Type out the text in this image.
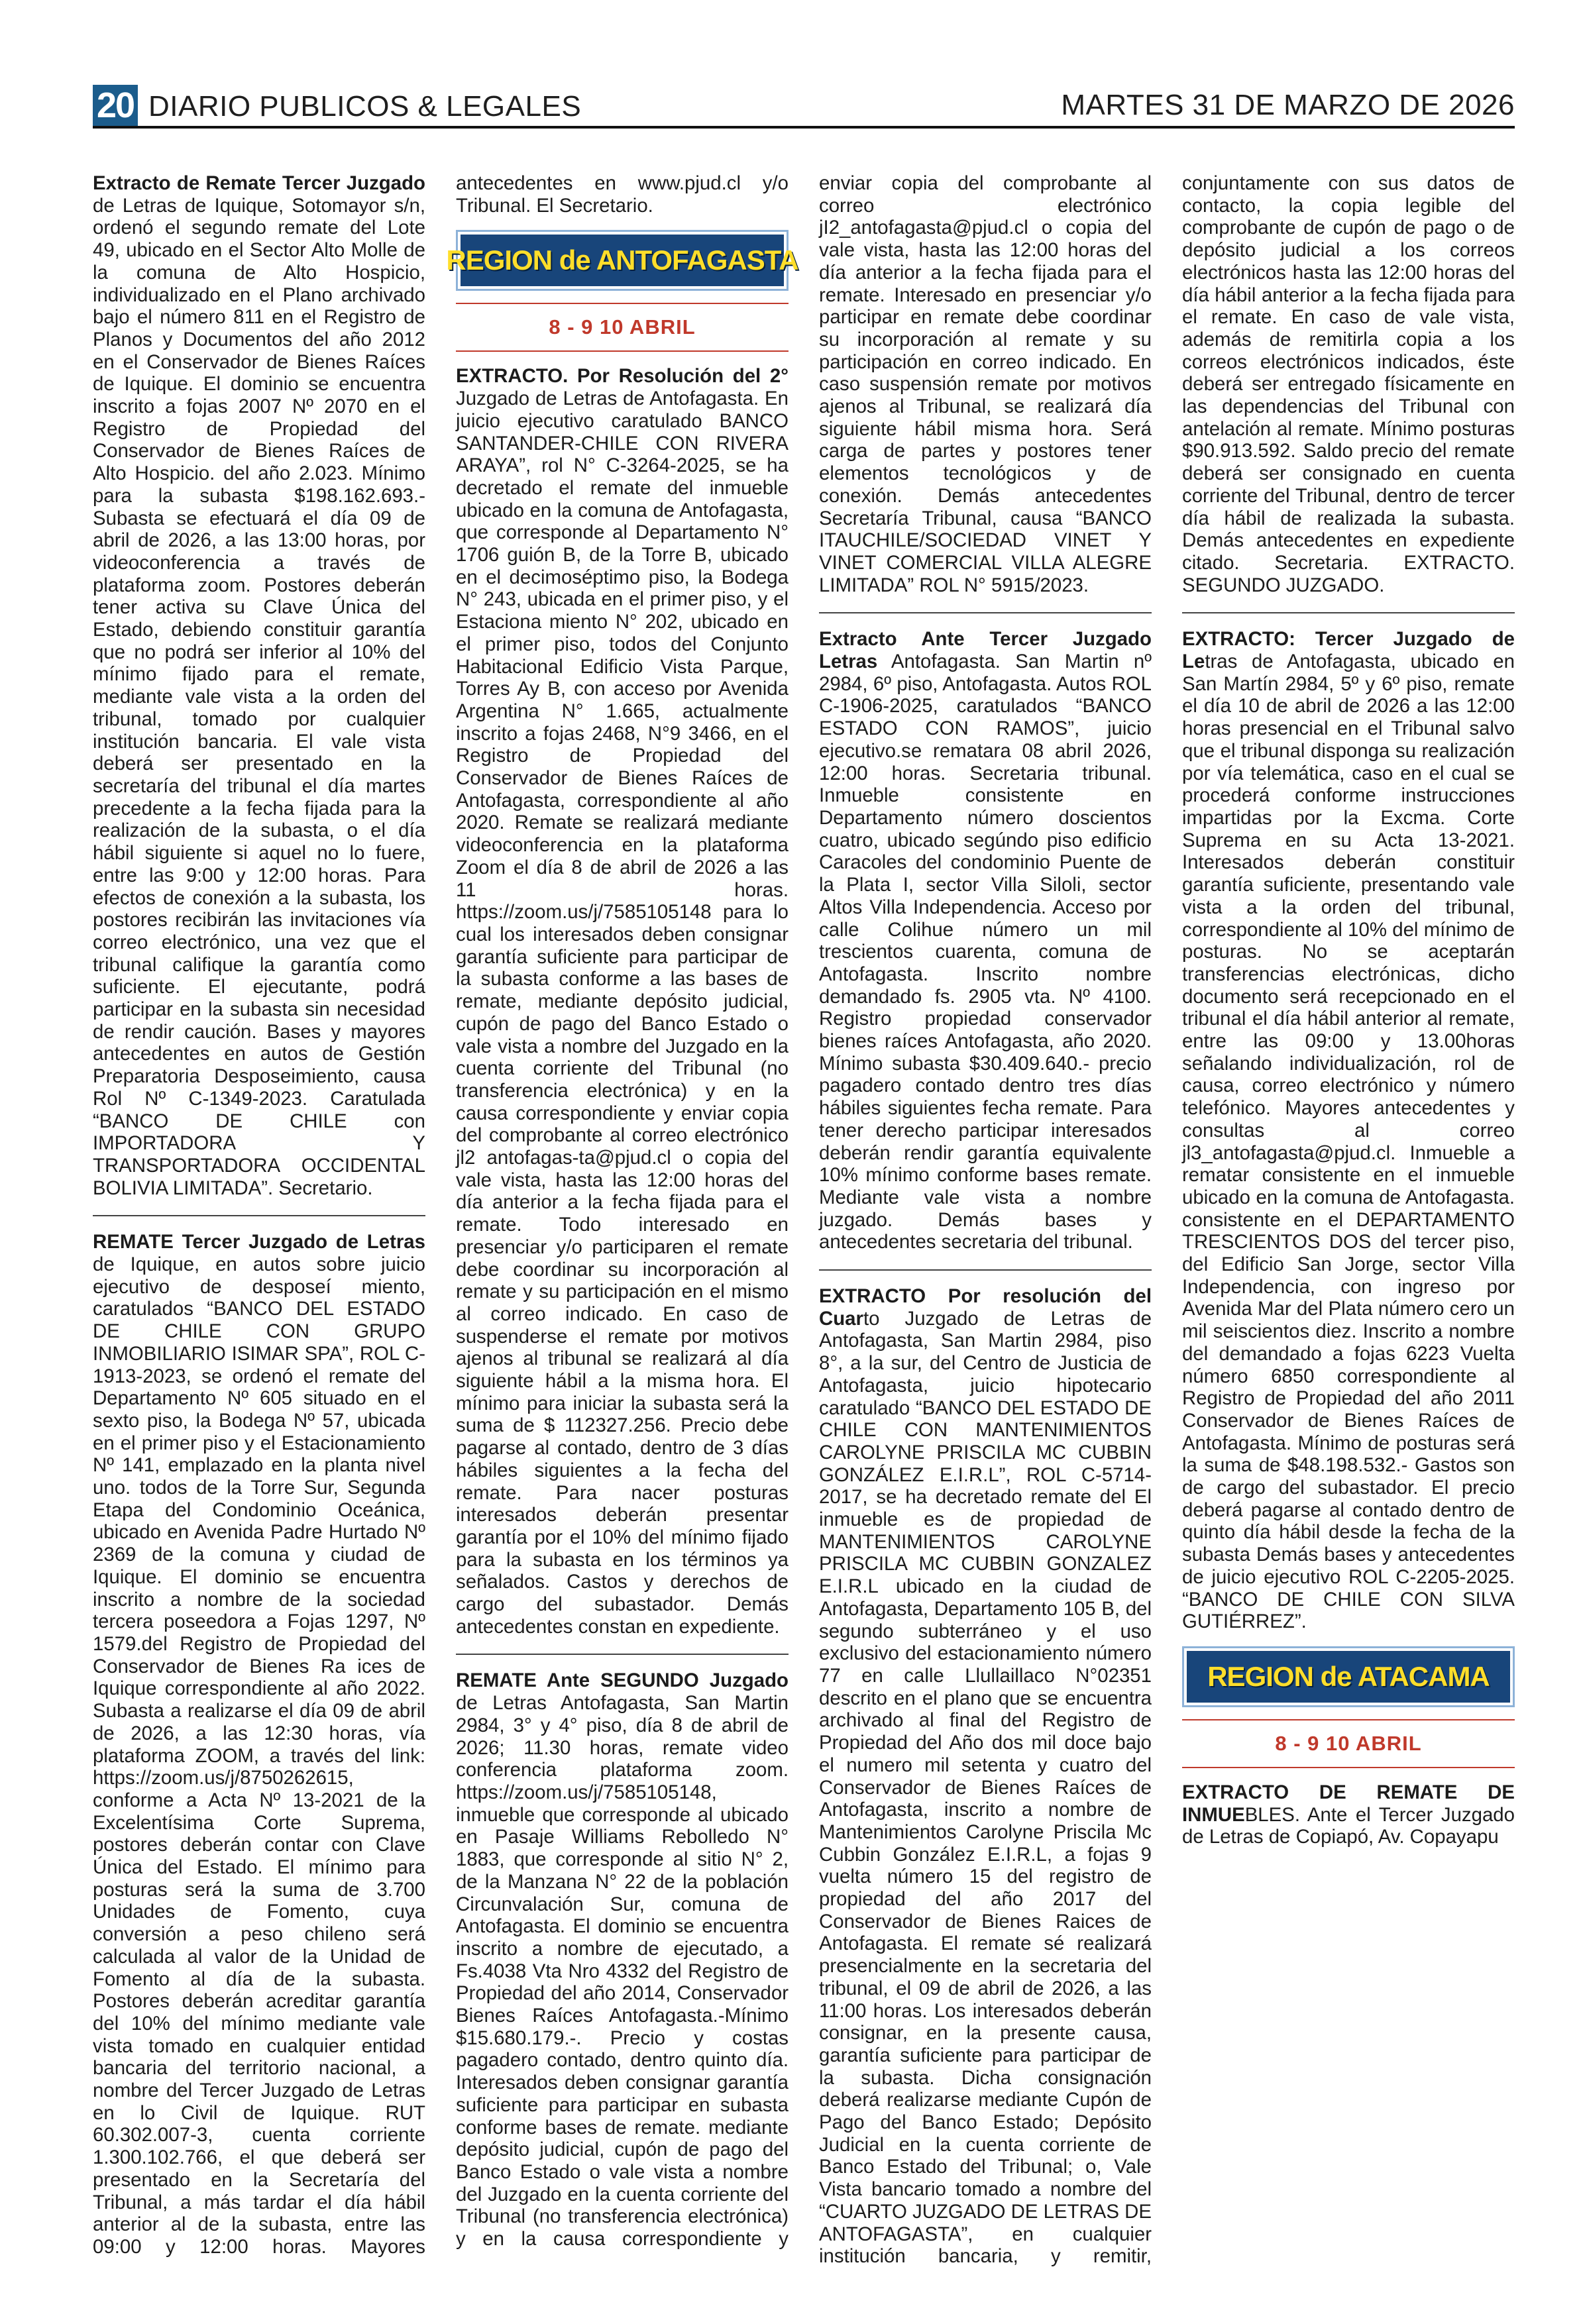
20 DIARIO PUBLICOS & LEGALES	MARTES 31 DE MARZO DE 2026

Extracto de Remate Tercer Juzgado de Letras de Iquique, Sotomayor s/n, ordenó el segundo remate del Lote 49, ubicado en el Sector Alto Molle de la comuna de Alto Hospicio, individualizado en el Plano archivado bajo el número 811 en el Registro de Planos y Documentos del año 2012 en el Conservador de Bienes Raíces de Iquique. El dominio se encuentra inscrito a fojas 2007 Nº 2070 en el Registro de Propiedad del Conservador de Bienes Raíces de Alto Hospicio. del año 2.023. Mínimo para la subasta $198.162.693.-Subasta se efectuará el día 09 de abril de 2026, a las 13:00 horas, por videoconferencia a través de plataforma zoom. Postores deberán tener activa su Clave Única del Estado, debiendo constituir garantía que no podrá ser inferior al 10% del mínimo fijado para el remate, mediante vale vista a la orden del tribunal, tomado por cualquier institución bancaria. El vale vista deberá ser presentado en la secretaría del tribunal el día martes precedente a la fecha fijada para la realización de la subasta, o el día hábil siguiente si aquel no lo fuere, entre las 9:00 y 12:00 horas. Para efectos de conexión a la subasta, los postores recibirán las invitaciones vía correo electrónico, una vez que el tribunal califique la garantía como suficiente. El ejecutante, podrá participar en la subasta sin necesidad de rendir caución. Bases y mayores antecedentes en autos de Gestión Preparatoria Desposeimiento, causa Rol Nº C-1349-2023. Caratulada “BANCO DE CHILE con IMPORTADORA Y TRANSPORTADORA OCCIDENTAL BOLIVIA LIMITADA”. Secretario.

REMATE Tercer Juzgado de Letras de Iquique, en autos sobre juicio ejecutivo de desposeí miento, caratulados “BANCO DEL ESTADO DE CHILE CON GRUPO INMOBILIARIO ISIMAR SPA”, ROL C-1913-2023, se ordenó el remate del Departamento Nº 605 situado en el sexto piso, la Bodega Nº 57, ubicada en el primer piso y el Estacionamiento Nº 141, emplazado en la planta nivel uno. todos de la Torre Sur, Segunda Etapa del Condominio Oceánica, ubicado en Avenida Padre Hurtado Nº 2369 de la comuna y ciudad de Iquique. El dominio se encuentra inscrito a nombre de la sociedad tercera poseedora a Fojas 1297, Nº 1579.del Registro de Propiedad del Conservador de Bienes Ra ices de Iquique correspondiente al año 2022. Subasta a realizarse el día 09 de abril de 2026, a las 12:30 horas, vía plataforma ZOOM, a través del link: https://zoom.us/j/8750262615, conforme a Acta Nº 13-2021 de la Excelentísima Corte Suprema, postores deberán contar con Clave Única del Estado. El mínimo para posturas será la suma de 3.700 Unidades de Fomento, cuya conversión a peso chileno será calculada al valor de la Unidad de Fomento al día de la subasta. Postores deberán acreditar garantía del 10% del mínimo mediante vale vista tomado en cualquier entidad bancaria del territorio nacional, a nombre del Tercer Juzgado de Letras en lo Civil de Iquique. RUT 60.302.007-3, cuenta corriente 1.300.102.766, el que deberá ser presentado en la Secretaría del Tribunal, a más tardar el día hábil anterior al de la subasta, entre las 09:00 y 12:00 horas. Mayores antecedentes en www.pjud.cl y/o Tribunal. El Secretario.

REGION de ANTOFAGASTA
8 - 9 10 ABRIL

EXTRACTO. Por Resolución del 2° Juzgado de Letras de Antofagasta. En juicio ejecutivo caratulado BANCO SANTANDER-CHILE CON RIVERA ARAYA”, rol N° C-3264-2025, se ha decretado el remate del inmueble ubicado en la comuna de Antofagasta, que corresponde al Departamento N° 1706 guión B, de la Torre B, ubicado en el decimoséptimo piso, la Bodega N° 243, ubicada en el primer piso, y el Estaciona miento N° 202, ubicado en el primer piso, todos del Conjunto Habitacional Edificio Vista Parque, Torres Ay B, con acceso por Avenida Argentina N° 1.665, actualmente inscrito a fojas 2468, N°9 3466, en el Registro de Propiedad del Conservador de Bienes Raíces de Antofagasta, correspondiente al año 2020. Remate se realizará mediante videoconferencia en la plataforma Zoom el día 8 de abril de 2026 a las 11 horas. https://zoom.us/j/7585105148 para lo cual los interesados deben consignar garantía suficiente para participar de la subasta conforme a las bases de remate, mediante depósito judicial, cupón de pago del Banco Estado o vale vista a nombre del Juzgado en la cuenta corriente del Tribunal (no transferencia electrónica) y en la causa correspondiente y enviar copia del comprobante al correo electrónico jl2 antofagas-ta@pjud.cl o copia del vale vista, hasta las 12:00 horas del día anterior a la fecha fijada para el remate. Todo interesado en presenciar y/o participaren el remate debe coordinar su incorporación al remate y su participación en el mismo al correo indicado. En caso de suspenderse el remate por motivos ajenos al tribunal se realizará al día siguiente hábil a la misma hora. El mínimo para iniciar la subasta será la suma de $ 112327.256. Precio debe pagarse al contado, dentro de 3 días hábiles siguientes a la fecha del remate. Para nacer posturas interesados deberán presentar garantía por el 10% del mínimo fijado para la subasta en los términos ya señalados. Castos y derechos de cargo del subastador. Demás antecedentes constan en expediente.

REMATE Ante SEGUNDO Juzgado de Letras Antofagasta, San Martin 2984, 3° y 4° piso, día 8 de abril de 2026; 11.30 horas, remate video conferencia plataforma zoom. https://zoom.us/j/7585105148, inmueble que corresponde al ubicado en Pasaje Williams Rebolledo N° 1883, que corresponde al sitio N° 2, de la Manzana N° 22 de la población Circunvalación Sur, comuna de Antofagasta. El dominio se encuentra inscrito a nombre de ejecutado, a Fs.4038 Vta Nro 4332 del Registro de Propiedad del año 2014, Conservador Bienes Raíces Antofagasta.-Mínimo $15.680.179.-. Precio y costas pagadero contado, dentro quinto día. Interesados deben consignar garantía suficiente para participar en subasta conforme bases de remate. mediante depósito judicial, cupón de pago del Banco Estado o vale vista a nombre del Juzgado en la cuenta corriente del Tribunal (no transferencia electrónica) y en la causa correspondiente y enviar copia del comprobante al correo electrónico jI2_antofagasta@pjud.cl o copia del vale vista, hasta las 12:00 horas del día anterior a la fecha fijada para el remate. Interesado en presenciar y/o participar en remate debe coordinar su incorporación aI remate y su participación en correo indicado. En caso suspensión remate por motivos ajenos al Tribunal, se realizará día siguiente hábil misma hora. Será carga de partes y postores tener elementos tecnológicos y de conexión. Demás antecedentes Secretaría Tribunal, causa “BANCO ITAUCHILE/SOCIEDAD VINET Y VINET COMERCIAL VILLA ALEGRE LIMITADA” ROL N° 5915/2023.

Extracto Ante Tercer Juzgado Letras Antofagasta. San Martin nº 2984, 6º piso, Antofagasta. Autos ROL C-1906-2025, caratulados “BANCO ESTADO CON RAMOS”, juicio ejecutivo.se rematara 08 abril 2026, 12:00 horas. Secretaria tribunal. Inmueble consistente en Departamento número doscientos cuatro, ubicado segúndo piso edificio Caracoles del condominio Puente de la Plata I, sector Villa Siloli, sector Altos Villa Independencia. Acceso por calle Colihue número un mil trescientos cuarenta, comuna de Antofagasta. Inscrito nombre demandado fs. 2905 vta. Nº 4100. Registro propiedad conservador bienes raíces Antofagasta, año 2020. Mínimo subasta $30.409.640.- precio pagadero contado dentro tres días hábiles siguientes fecha remate. Para tener derecho participar interesados deberán rendir garantía equivalente 10% mínimo conforme bases remate. Mediante vale vista a nombre juzgado. Demás bases y antecedentes secretaria del tribunal.

EXTRACTO Por resolución del Cuarto Juzgado de Letras de Antofagasta, San Martin 2984, piso 8°, a la sur, del Centro de Justicia de Antofagasta, juicio hipotecario caratulado “BANCO DEL ESTADO DE CHILE CON MANTENIMIENTOS CAROLYNE PRISCILA MC CUBBIN GONZÁLEZ E.I.R.L”, ROL C-5714-2017, se ha decretado remate del El inmueble es de propiedad de MANTENIMIENTOS CAROLYNE PRISCILA MC CUBBIN GONZALEZ E.I.R.L ubicado en la ciudad de Antofagasta, Departamento 105 B, del segundo subterráneo y el uso exclusivo del estacionamiento número 77 en calle Llullaillaco N°02351 descrito en el plano que se encuentra archivado al final del Registro de Propiedad del Año dos mil doce bajo el numero mil setenta y cuatro del Conservador de Bienes Raíces de Antofagasta, inscrito a nombre de Mantenimientos Carolyne Priscila Mc Cubbin González E.I.R.L, a fojas 9 vuelta número 15 del registro de propiedad del año 2017 del Conservador de Bienes Raices de Antofagasta. El remate sé realizará presencialmente en la secretaria del tribunal, el 09 de abril de 2026, a las 11:00 horas. Los interesados deberán consignar, en la presente causa, garantía suficiente para participar de la subasta. Dicha consignación deberá realizarse mediante Cupón de Pago del Banco Estado; Depósito Judicial en la cuenta corriente de Banco Estado del Tribunal; o, Vale Vista bancario tomado a nombre del “CUARTO JUZGADO DE LETRAS DE ANTOFAGASTA”, en cualquier institución bancaria, y remitir, conjuntamente con sus datos de contacto, la copia legible del comprobante de cupón de pago o de depósito judicial a los correos electrónicos hasta las 12:00 horas del día hábil anterior a la fecha fijada para el remate. En caso de vale vista, además de remitirla copia a los correos electrónicos indicados, éste deberá ser entregado físicamente en las dependencias del Tribunal con antelación al remate. Mínimo posturas $90.913.592. Saldo precio del remate deberá ser consignado en cuenta corriente del Tribunal, dentro de tercer día hábil de realizada la subasta. Demás antecedentes en expediente citado. Secretaria. EXTRACTO. SEGUNDO JUZGADO.

EXTRACTO: Tercer Juzgado de Letras de Antofagasta, ubicado en San Martín 2984, 5º y 6º piso, remate el día 10 de abril de 2026 a las 12:00 horas presencial en el Tribunal salvo que el tribunal disponga su realización por vía telemática, caso en el cual se procederá conforme instrucciones impartidas por la Excma. Corte Suprema en su Acta 13-2021. Interesados deberán constituir garantía suficiente, presentando vale vista a la orden del tribunal, correspondiente al 10% del mínimo de posturas. No se aceptarán transferencias electrónicas, dicho documento será recepcionado en el tribunal el día hábil anterior al remate, entre las 09:00 y 13.00horas señalando individualización, rol de causa, correo electrónico y número telefónico. Mayores antecedentes y consultas al correo jl3_antofagasta@pjud.cl. Inmueble a rematar consistente en el inmueble ubicado en la comuna de Antofagasta. consistente en el DEPARTAMENTO TRESCIENTOS DOS del tercer piso, del Edificio San Jorge, sector Villa Independencia, con ingreso por Avenida Mar del Plata número cero un mil seiscientos diez. Inscrito a nombre del demandado a fojas 6223 Vuelta número 6850 correspondiente al Registro de Propiedad del año 2011 Conservador de Bienes Raíces de Antofagasta. Mínimo de posturas será la suma de $48.198.532.- Gastos son de cargo del subastador. El precio deberá pagarse al contado dentro de quinto día hábil desde la fecha de la subasta Demás bases y antecedentes de juicio ejecutivo ROL C-2205-2025. “BANCO DE CHILE CON SILVA GUTIÉRREZ”.

REGION de ATACAMA
8 - 9 10 ABRIL

EXTRACTO DE REMATE DE INMUEBLES. Ante el Tercer Juzgado de Letras de Copiapó, Av. Copayapu
